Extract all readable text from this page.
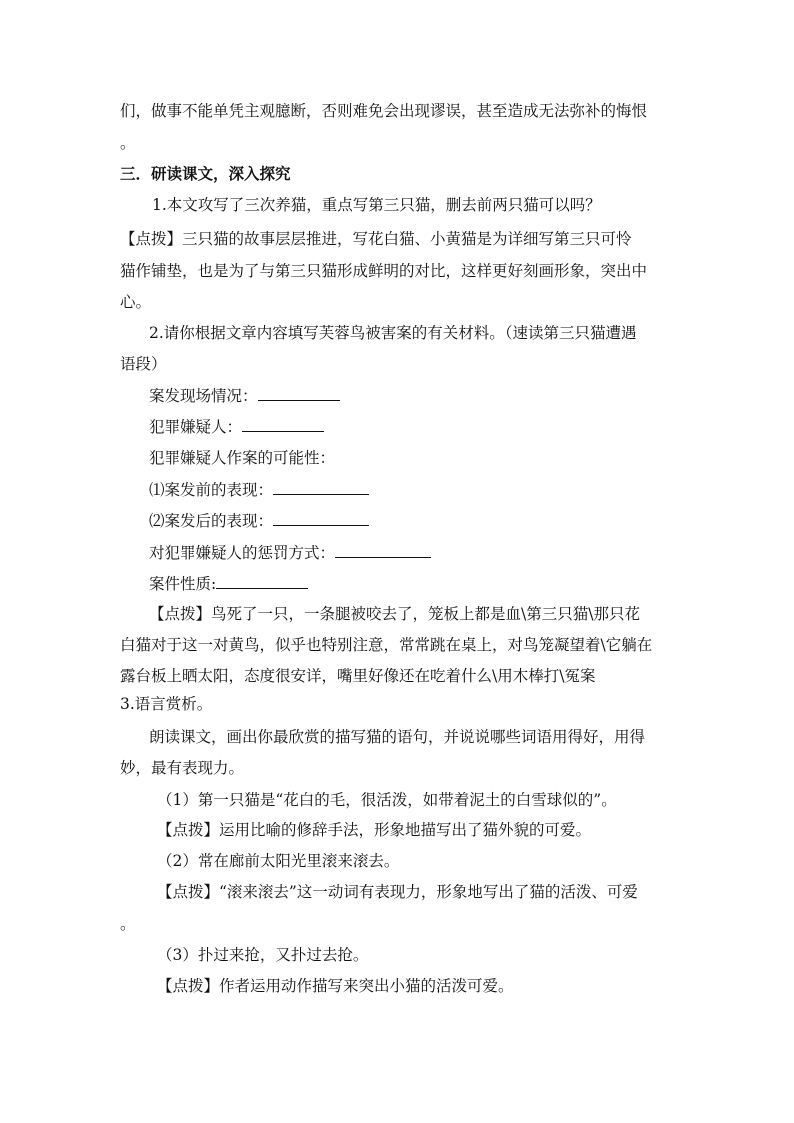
们，做事不能单凭主观臆断，否则难免会出现谬误，甚至造成无法弥补的悔恨

。

三．研读课文，深入探究

1.本文攻写了三次养猫，重点写第三只猫，删去前两只猫可以吗？

【点拨】三只猫的故事层层推进，写花白猫、小黄猫是为详细写第三只可怜

猫作铺垫，也是为了与第三只猫形成鲜明的对比，这样更好刻画形象，突出中

心。

2.请你根据文章内容填写芙蓉鸟被害案的有关材料。（速读第三只猫遭遇

语段）

案发现场情况：
犯罪嫌疑人：

犯罪嫌疑人作案的可能性：

⑴案发前的表现：
⑵案发后的表现：
对犯罪嫌疑人的惩罚方式：
案件性质:

【点拨】鸟死了一只，一条腿被咬去了，笼板上都是血\第三只猫\那只花

白猫对于这一对黄鸟，似乎也特别注意，常常跳在桌上，对鸟笼凝望着\它躺在

露台板上晒太阳，态度很安详，嘴里好像还在吃着什么\用木棒打\冤案

3.语言赏析。

朗读课文，画出你最欣赏的描写猫的语句，并说说哪些词语用得好，用得

妙，最有表现力。

（1）第一只猫是“花白的毛，很活泼，如带着泥土的白雪球似的”。

【点拨】运用比喻的修辞手法，形象地描写出了猫外貌的可爱。

（2）常在廊前太阳光里滚来滚去。

【点拨】“滚来滚去”这一动词有表现力，形象地写出了猫的活泼、可爱

。

（3）扑过来抢，又扑过去抢。

【点拨】作者运用动作描写来突出小猫的活泼可爱。
